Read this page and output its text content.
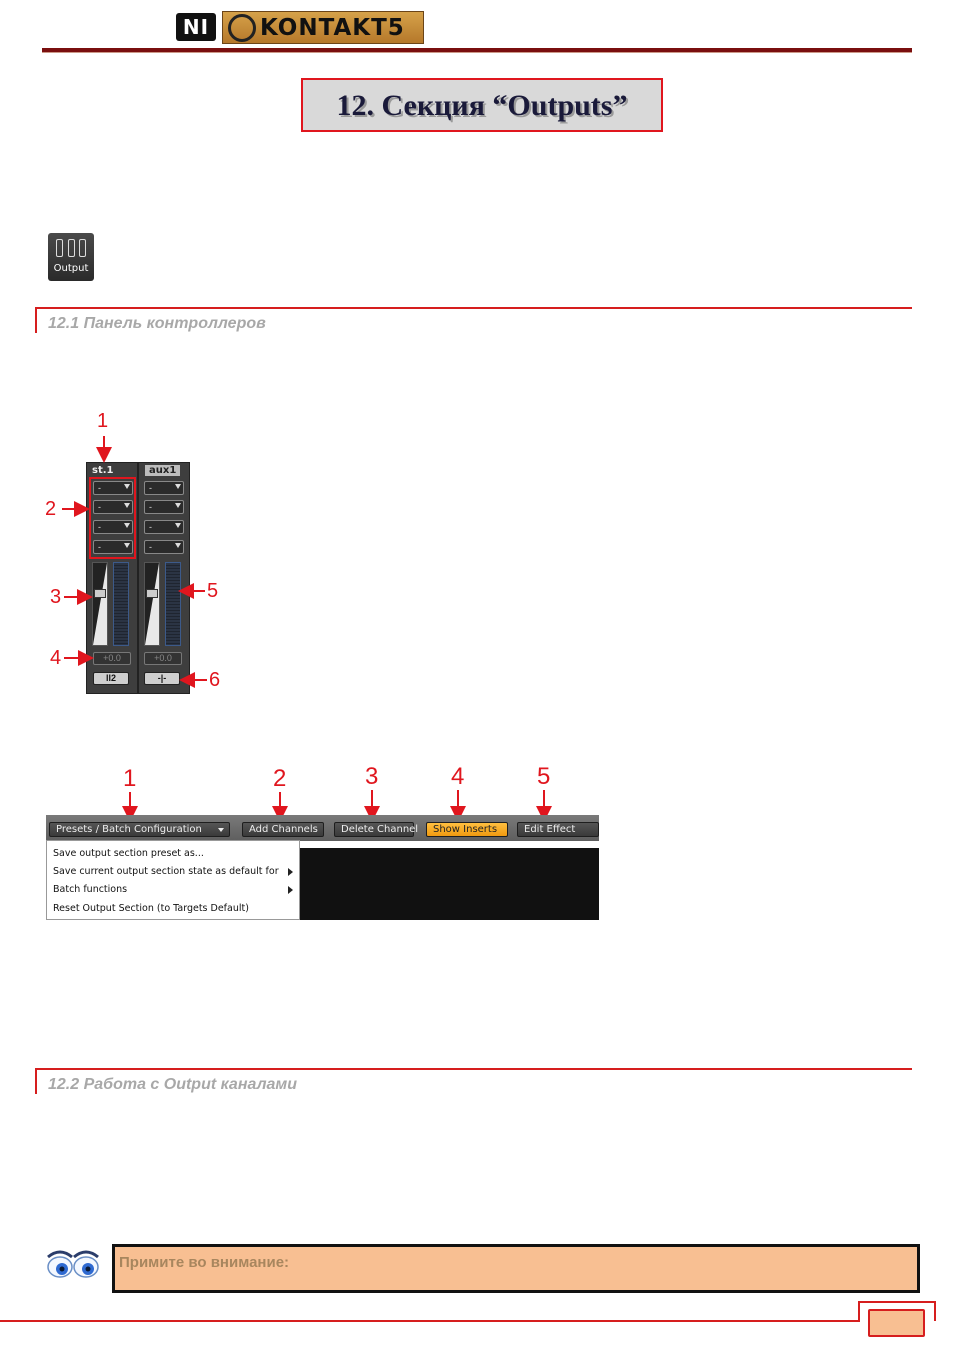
NI	KONTAKT5
12. Секция “Outputs”
Output
12.1 Панель контроллеров
st.1	aux1
-
-
-
-
-
-
-
-
+0.0	+0.0
ll2	-|-
1
2
3
4
5
6
Presets / Batch Configuration	Add Channels	Delete Channel	Show Inserts	Edit Effect
Save output section preset as...
Save current output section state as default for
Batch functions
Reset Output Section (to Targets Default)
1	2	3	4	5
12.2 Работа с Output каналами
Примите во внимание:
